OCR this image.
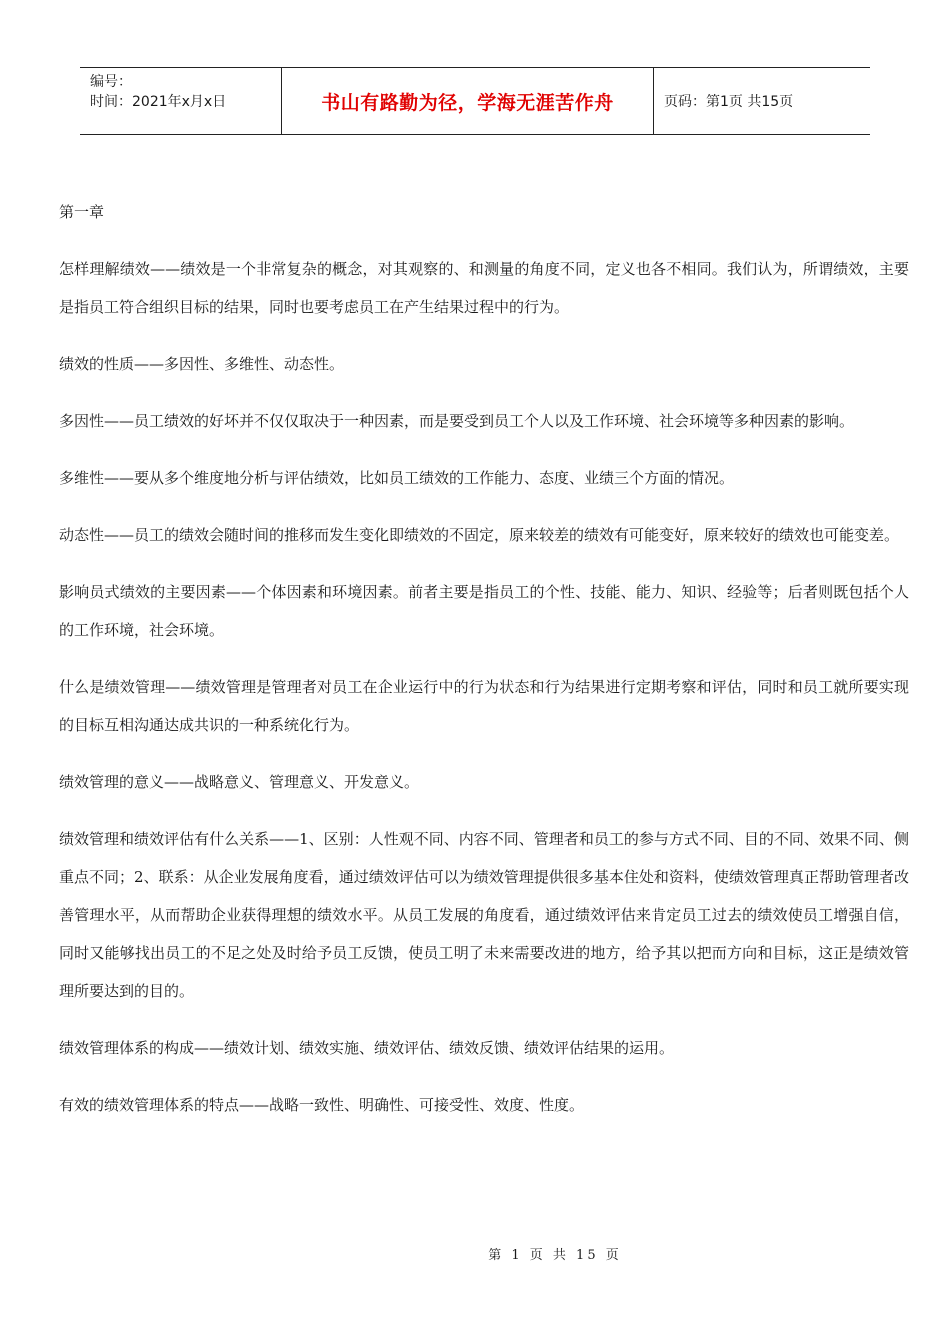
编号：
时间：2021年x月x日	书山有路勤为径，学海无涯苦作舟	页码：第1页 共15页

第一章

怎样理解绩效——绩效是一个非常复杂的概念，对其观察的、和测量的角度不同，定义也各不相同。我们认为，所谓绩效，主要是指员工符合组织目标的结果，同时也要考虑员工在产生结果过程中的行为。

绩效的性质——多因性、多维性、动态性。

多因性——员工绩效的好坏并不仅仅取决于一种因素，而是要受到员工个人以及工作环境、社会环境等多种因素的影响。

多维性——要从多个维度地分析与评估绩效，比如员工绩效的工作能力、态度、业绩三个方面的情况。

动态性——员工的绩效会随时间的推移而发生变化即绩效的不固定，原来较差的绩效有可能变好，原来较好的绩效也可能变差。

影响员式绩效的主要因素——个体因素和环境因素。前者主要是指员工的个性、技能、能力、知识、经验等；后者则既包括个人的工作环境，社会环境。

什么是绩效管理——绩效管理是管理者对员工在企业运行中的行为状态和行为结果进行定期考察和评估，同时和员工就所要实现的目标互相沟通达成共识的一种系统化行为。

绩效管理的意义——战略意义、管理意义、开发意义。

绩效管理和绩效评估有什么关系——1、区别：人性观不同、内容不同、管理者和员工的参与方式不同、目的不同、效果不同、侧重点不同；2、联系：从企业发展角度看，通过绩效评估可以为绩效管理提供很多基本住处和资料，使绩效管理真正帮助管理者改善管理水平，从而帮助企业获得理想的绩效水平。从员工发展的角度看，通过绩效评估来肯定员工过去的绩效使员工增强自信，同时又能够找出员工的不足之处及时给予员工反馈，使员工明了未来需要改进的地方，给予其以把而方向和目标，这正是绩效管理所要达到的目的。

绩效管理体系的构成——绩效计划、绩效实施、绩效评估、绩效反馈、绩效评估结果的运用。

有效的绩效管理体系的特点——战略一致性、明确性、可接受性、效度、性度。

第 1 页 共 15 页
